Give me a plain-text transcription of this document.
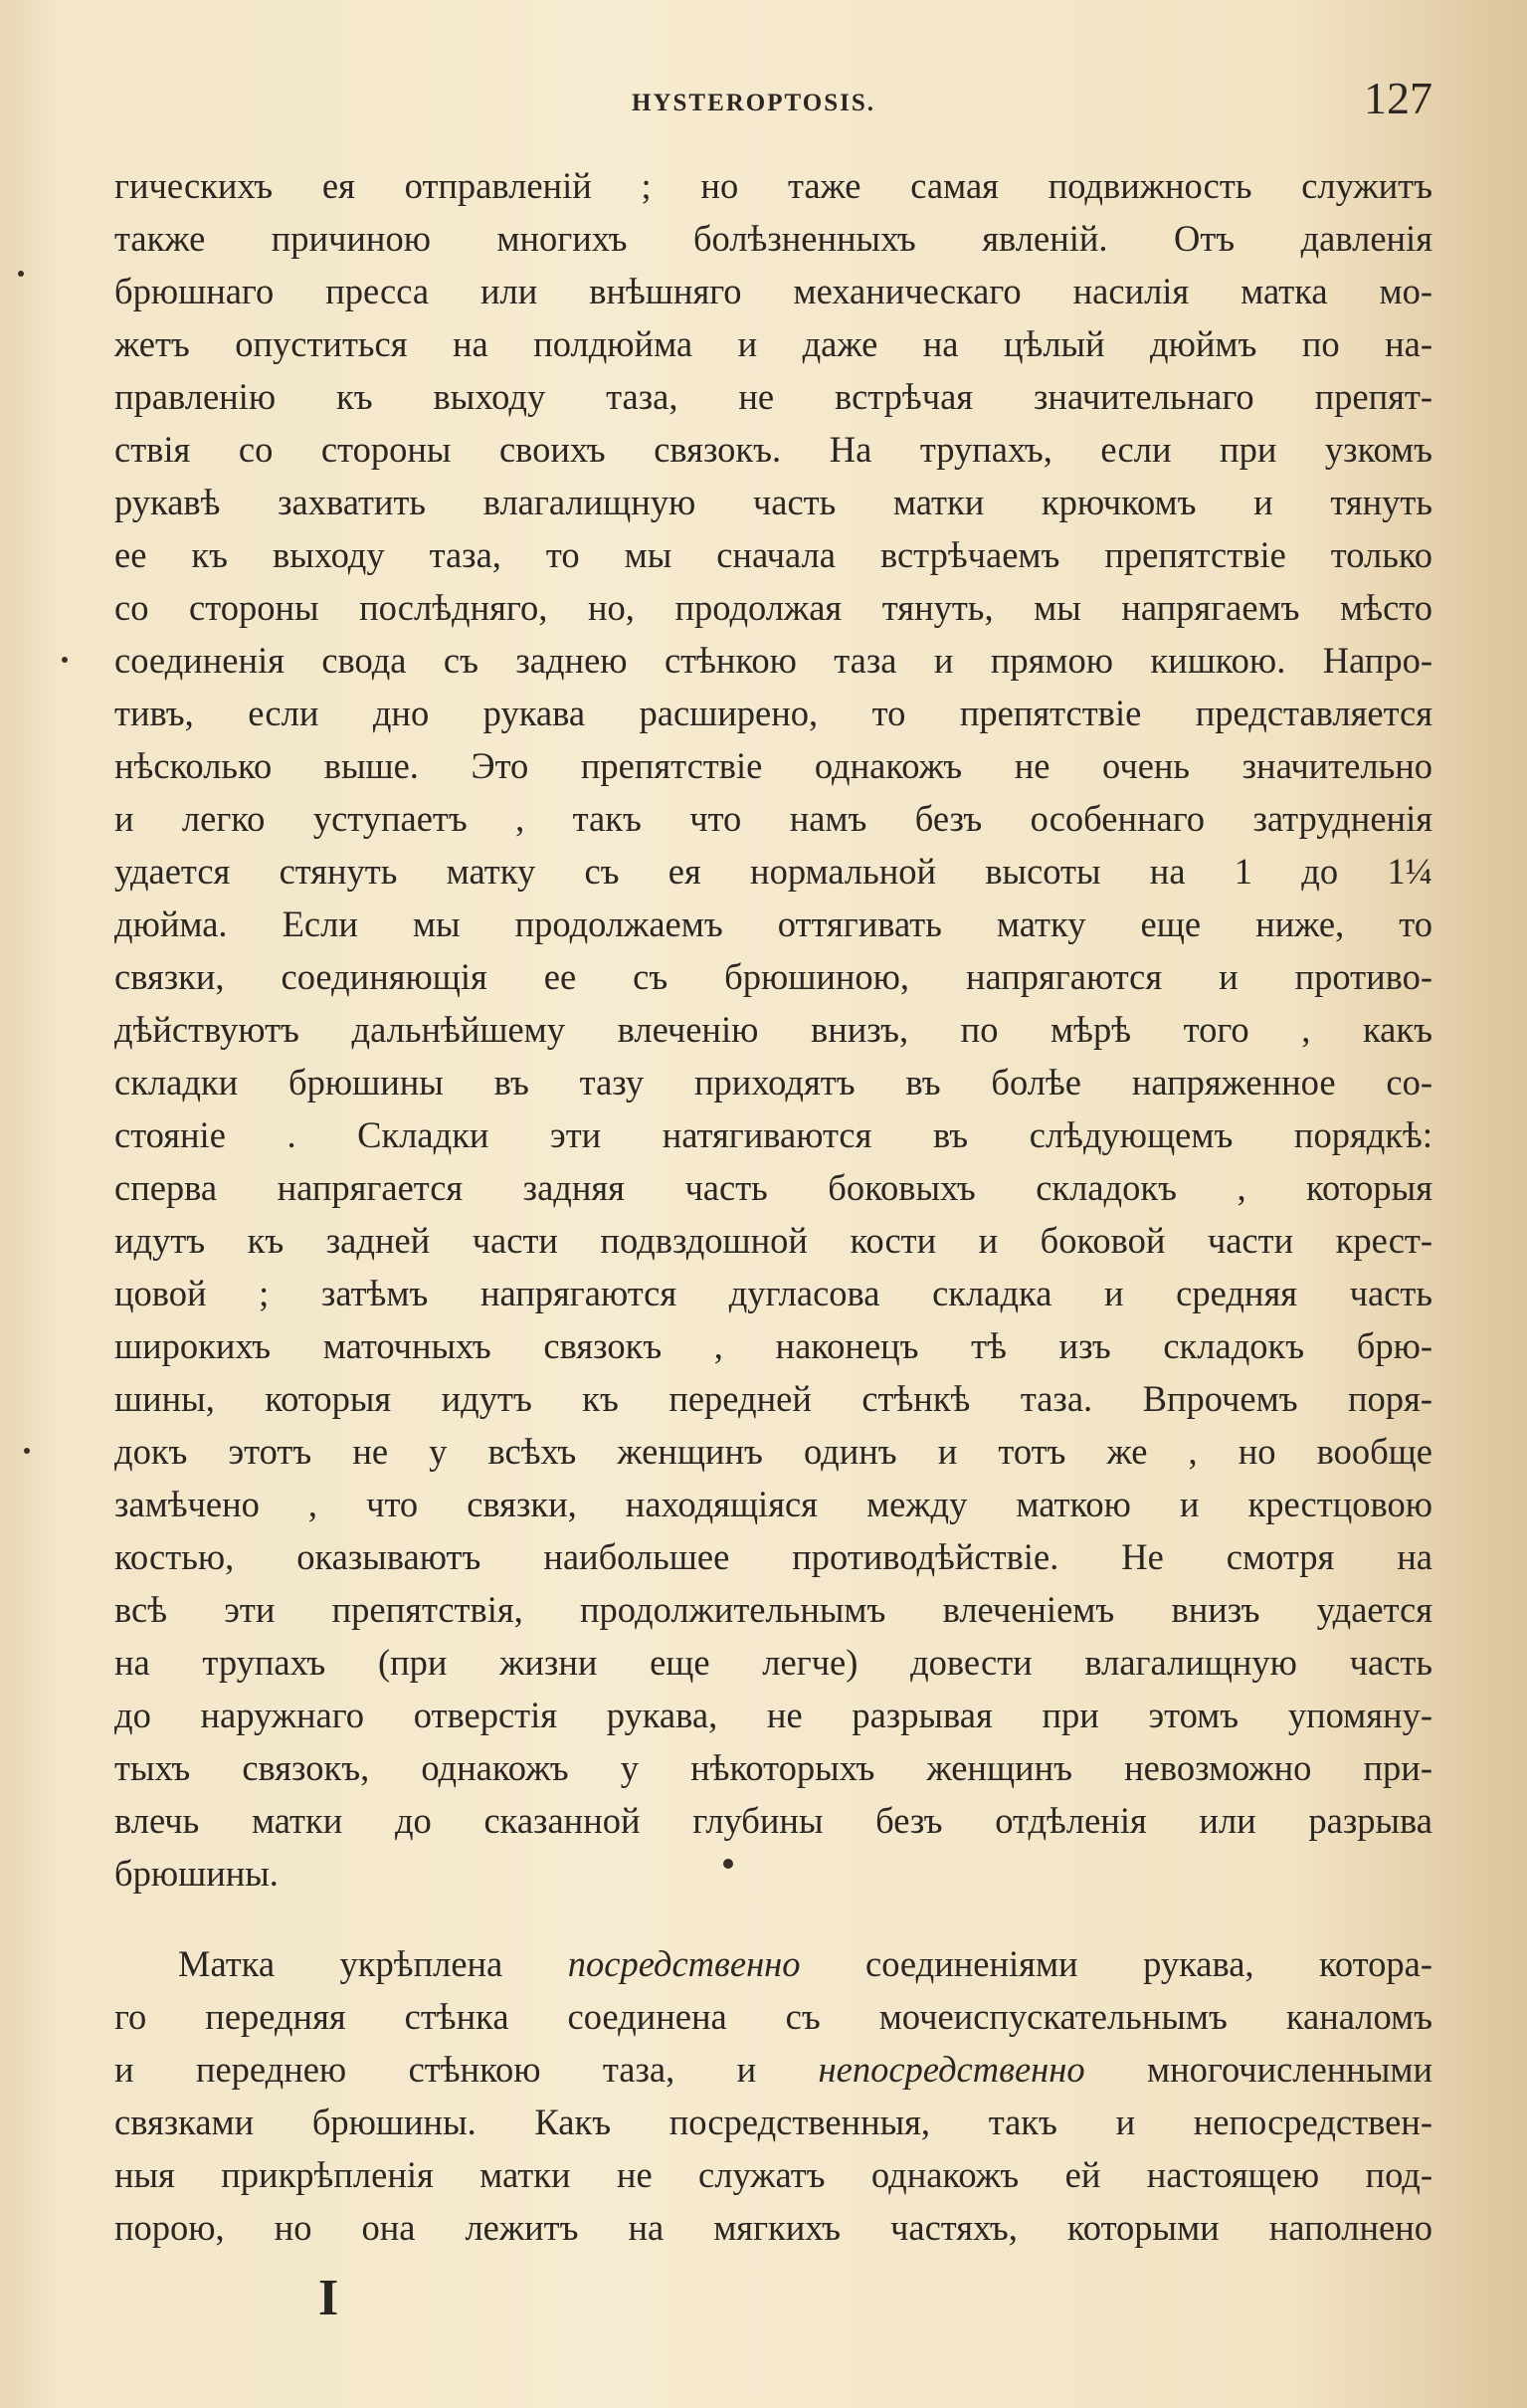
HYSTEROPTOSIS.	127
гическихъ ея отправленій ; но таже самая подвижность служитъ
также причиною многихъ болѣзненныхъ явленій. Отъ давленія
брюшнаго пресса или внѣшняго механическаго насилія матка мо-
жетъ опуститься на полдюйма и даже на цѣлый дюймъ по на-
правленію къ выходу таза, не встрѣчая значительнаго препят-
ствія со стороны своихъ связокъ. На трупахъ, если при узкомъ
рукавѣ захватить влагалищную часть матки крючкомъ и тянуть
ее къ выходу таза, то мы сначала встрѣчаемъ препятствіе только
со стороны послѣдняго, но, продолжая тянуть, мы напрягаемъ мѣсто
соединенія свода съ заднею стѣнкою таза и прямою кишкою. Напро-
тивъ, если дно рукава расширено, то препятствіе представляется
нѣсколько выше. Это препятствіе однакожъ не очень значительно
и легко уступаетъ , такъ что намъ безъ особеннаго затрудненія
удается стянуть матку съ ея нормальной высоты на 1 до 1¼
дюйма. Если мы продолжаемъ оттягивать матку еще ниже, то
связки, соединяющія ее съ брюшиною, напрягаются и противо-
дѣйствуютъ дальнѣйшему влеченію внизъ, по мѣрѣ того , какъ
складки брюшины въ тазу приходятъ въ болѣе напряженное со-
стояніе . Складки эти натягиваются въ слѣдующемъ порядкѣ:
сперва напрягается задняя часть боковыхъ складокъ , которыя
идутъ къ задней части подвздошной кости и боковой части крест-
цовой ; затѣмъ напрягаются дугласова складка и средняя часть
широкихъ маточныхъ связокъ , наконецъ тѣ изъ складокъ брю-
шины, которыя идутъ къ передней стѣнкѣ таза. Впрочемъ поря-
докъ этотъ не у всѣхъ женщинъ одинъ и тотъ же , но вообще
замѣчено , что связки, находящіяся между маткою и крестцовою
костью, оказываютъ наибольшее противодѣйствіе. Не смотря на
всѣ эти препятствія, продолжительнымъ влеченіемъ внизъ удается
на трупахъ (при жизни еще легче) довести влагалищную часть
до наружнаго отверстія рукава, не разрывая при этомъ упомяну-
тыхъ связокъ, однакожъ у нѣкоторыхъ женщинъ невозможно при-
влечь матки до сказанной глубины безъ отдѣленія или разрыва
брюшины.
Матка укрѣплена посредственно соединеніями рукава, котора-
го передняя стѣнка соединена съ мочеиспускательнымъ каналомъ
и переднею стѣнкою таза, и непосредственно многочисленными
связками брюшины. Какъ посредственныя, такъ и непосредствен-
ныя прикрѣпленія матки не служатъ однакожъ ей настоящею под-
порою, но она лежитъ на мягкихъ частяхъ, которыми наполнено
I
